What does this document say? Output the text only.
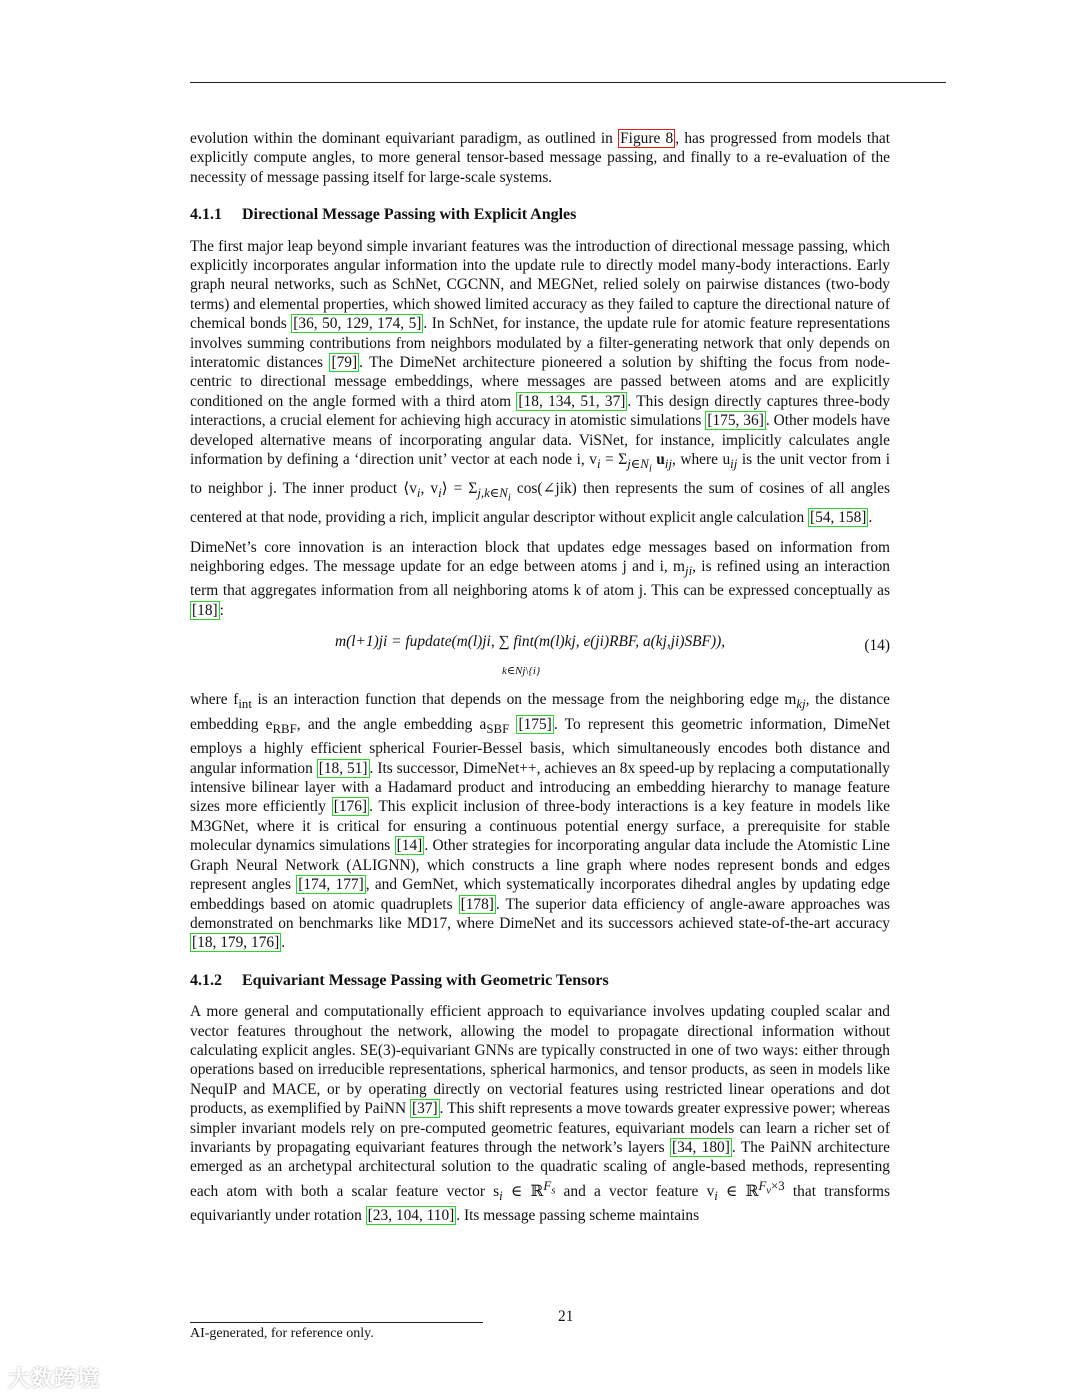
evolution within the dominant equivariant paradigm, as outlined in Figure 8 , has progressed from models that explicitly compute angles, to more general tensor-based message passing, and finally to a re-evaluation of the necessity of message passing itself for large-scale systems.

4.1.1 Directional Message Passing with Explicit Angles

The first major leap beyond simple invariant features was the introduction of directional message passing, which explicitly incorporates angular information into the update rule to directly model many-body interactions. Early graph neural networks, such as SchNet, CGCNN, and MEGNet, relied solely on pairwise distances (two-body terms) and elemental properties, which showed limited accuracy as they failed to capture the directional nature of chemical bonds [36, 50, 129, 174, 5] . In SchNet, for instance, the update rule for atomic feature representations involves summing contributions from neighbors modulated by a filter-generating network that only depends on interatomic distances [79] . The DimeNet architecture pioneered a solution by shifting the focus from node-centric to directional message embeddings, where messages are passed between atoms and are explicitly conditioned on the angle formed with a third atom [18, 134, 51, 37] . This design directly captures three-body interactions, a crucial element for achieving high accuracy in atomistic simulations [175, 36] . Other models have developed alternative means of incorporating angular data. ViSNet, for instance, implicitly calculates angle information by defining a ‘direction unit’ vector at each node i, $v_i = \Sigma_{j\in N_i}$ $u_{ij}$, where $u_{ij}$ is the unit vector from i to neighbor j. The inner product $⟨v_i$, $v_i⟩ = \Sigma_{j,k\in N_i}$ cos(∠jik) then represents the sum of cosines of all angles centered at that node, providing a rich, implicit angular descriptor without explicit angle calculation [54, 158] .

DimeNet’s core innovation is an interaction block that updates edge messages based on information from neighboring edges. The message update for an edge between atoms j and i, $m_{ji}$, is refined using an interaction term that aggregates information from all neighboring atoms k of atom j. This can be expressed conceptually as [18] :

m(l+1)ji = fupdate(m(l)ji, ∑ fint(m(l)kj, e(ji)RBF, a(kj,ji)SBF)),
k∈Nj\{i}
(14)

where $f_{int}$ is an interaction function that depends on the message from the neighboring edge $m_{kj}$, the distance embedding $e_{RBF}$, and the angle embedding $a_{SBF}$ [175] . To represent this geometric information, DimeNet employs a highly efficient spherical Fourier-Bessel basis, which simultaneously encodes both distance and angular information [18, 51] . Its successor, DimeNet++, achieves an 8x speed-up by replacing a computationally intensive bilinear layer with a Hadamard product and introducing an embedding hierarchy to manage feature sizes more efficiently [176] . This explicit inclusion of three-body interactions is a key feature in models like M3GNet, where it is critical for ensuring a continuous potential energy surface, a prerequisite for stable molecular dynamics simulations [14] . Other strategies for incorporating angular data include the Atomistic Line Graph Neural Network (ALIGNN), which constructs a line graph where nodes represent bonds and edges represent angles [174, 177] , and GemNet, which systematically incorporates dihedral angles by updating edge embeddings based on atomic quadruplets [178] . The superior data efficiency of angle-aware approaches was demonstrated on benchmarks like MD17, where DimeNet and its successors achieved state-of-the-art accuracy [18, 179, 176] .

4.1.2 Equivariant Message Passing with Geometric Tensors

A more general and computationally efficient approach to equivariance involves updating coupled scalar and vector features throughout the network, allowing the model to propagate directional information without calculating explicit angles. SE(3)-equivariant GNNs are typically constructed in one of two ways: either through operations based on irreducible representations, spherical harmonics, and tensor products, as seen in models like NequIP and MACE, or by operating directly on vectorial features using restricted linear operations and dot products, as exemplified by PaiNN [37] . This shift represents a move towards greater expressive power; whereas simpler invariant models rely on pre-computed geometric features, equivariant models can learn a richer set of invariants by propagating equivariant features through the network’s layers [34, 180] . The PaiNN architecture emerged as an archetypal architectural solution to the quadratic scaling of angle-based methods, representing each atom with both a scalar feature vector $s_i$ ∈ ℝ$^{F_s}$ and a vector feature $v_i$ ∈ ℝ$^{F_v\times 3}$ that transforms equivariantly under rotation [23, 104, 110] . Its message passing scheme maintains

21
AI-generated, for reference only.
大数跨境
